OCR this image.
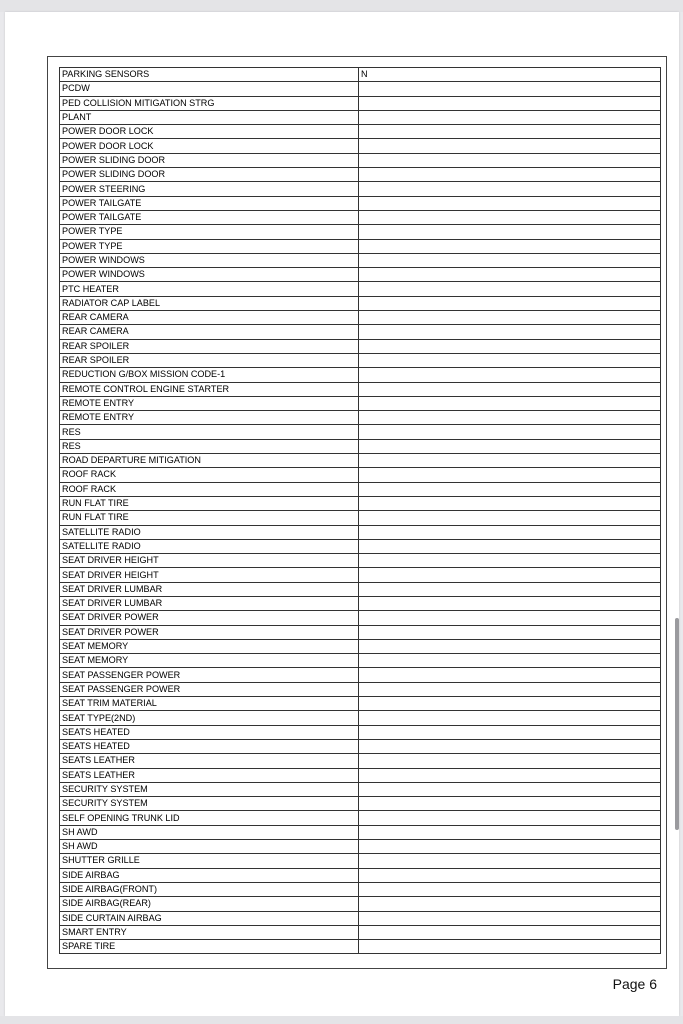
PARKING SENSORS	N
PCDW	
PED COLLISION MITIGATION STRG	
PLANT	
POWER DOOR LOCK	
POWER DOOR LOCK	
POWER SLIDING DOOR	
POWER SLIDING DOOR	
POWER STEERING	
POWER TAILGATE	
POWER TAILGATE	
POWER TYPE	
POWER TYPE	
POWER WINDOWS	
POWER WINDOWS	
PTC HEATER	
RADIATOR CAP LABEL	
REAR CAMERA	
REAR CAMERA	
REAR SPOILER	
REAR SPOILER	
REDUCTION G/BOX MISSION CODE-1	
REMOTE CONTROL ENGINE STARTER	
REMOTE ENTRY	
REMOTE ENTRY	
RES	
RES	
ROAD DEPARTURE MITIGATION	
ROOF RACK	
ROOF RACK	
RUN FLAT TIRE	
RUN FLAT TIRE	
SATELLITE RADIO	
SATELLITE RADIO	
SEAT DRIVER HEIGHT	
SEAT DRIVER HEIGHT	
SEAT DRIVER LUMBAR	
SEAT DRIVER LUMBAR	
SEAT DRIVER POWER	
SEAT DRIVER POWER	
SEAT MEMORY	
SEAT MEMORY	
SEAT PASSENGER POWER	
SEAT PASSENGER POWER	
SEAT TRIM MATERIAL	
SEAT TYPE(2ND)	
SEATS HEATED	
SEATS HEATED	
SEATS LEATHER	
SEATS LEATHER	
SECURITY SYSTEM	
SECURITY SYSTEM	
SELF OPENING TRUNK LID	
SH AWD	
SH AWD	
SHUTTER GRILLE	
SIDE AIRBAG	
SIDE AIRBAG(FRONT)	
SIDE AIRBAG(REAR)	
SIDE CURTAIN AIRBAG	
SMART ENTRY	
SPARE TIRE	
Page 6
